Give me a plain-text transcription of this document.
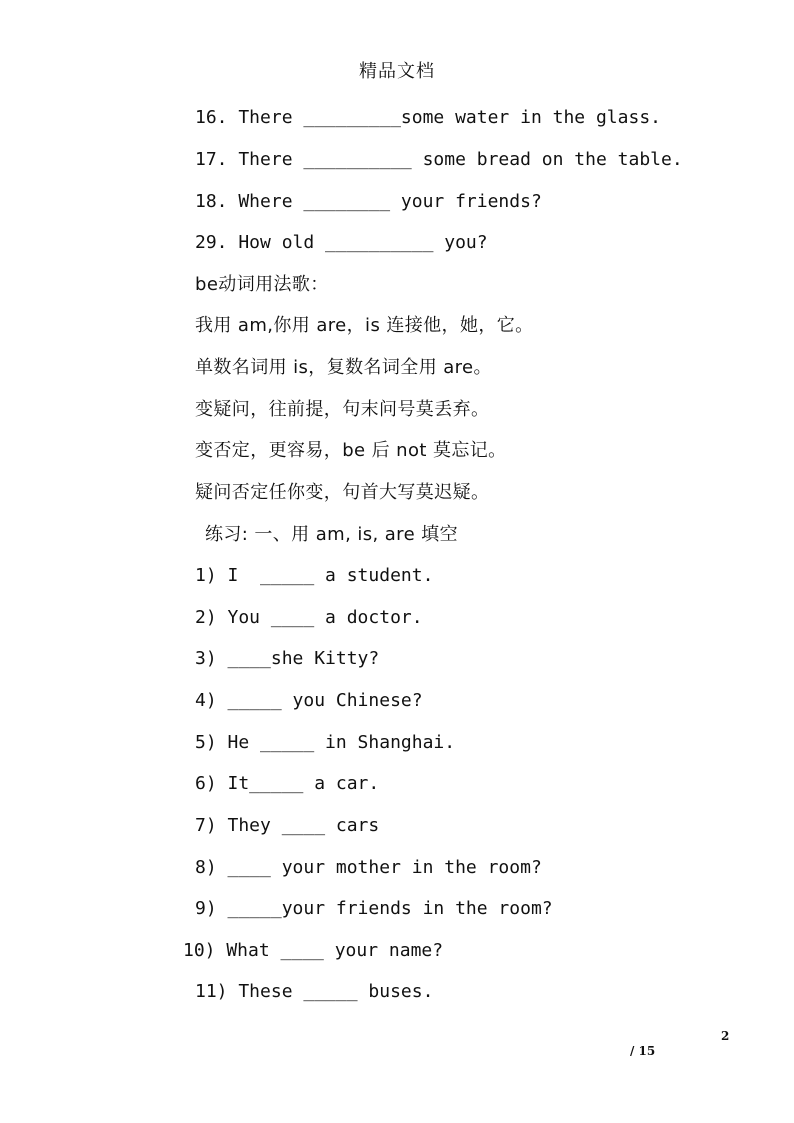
精品文档
16. There _________some water in the glass.
17. There __________ some bread on the table.
18. Where ________ your friends?
29. How old __________ you?
be动词用法歌：
我用 am,你用 are，is 连接他，她，它。
单数名词用 is，复数名词全用 are。
变疑问，往前提，句末问号莫丢弃。
变否定，更容易，be 后 not 莫忘记。
疑问否定任你变，句首大写莫迟疑。
练习: 一、用 am, is, are 填空
1) I  _____ a student.
2) You ____ a doctor.
3) ____she Kitty?
4) _____ you Chinese?
5) He _____ in Shanghai.
6) It_____ a car.
7) They ____ cars
8) ____ your mother in the room?
9) _____your friends in the room?
10) What ____ your name?
11) These _____ buses.
2
/ 15
